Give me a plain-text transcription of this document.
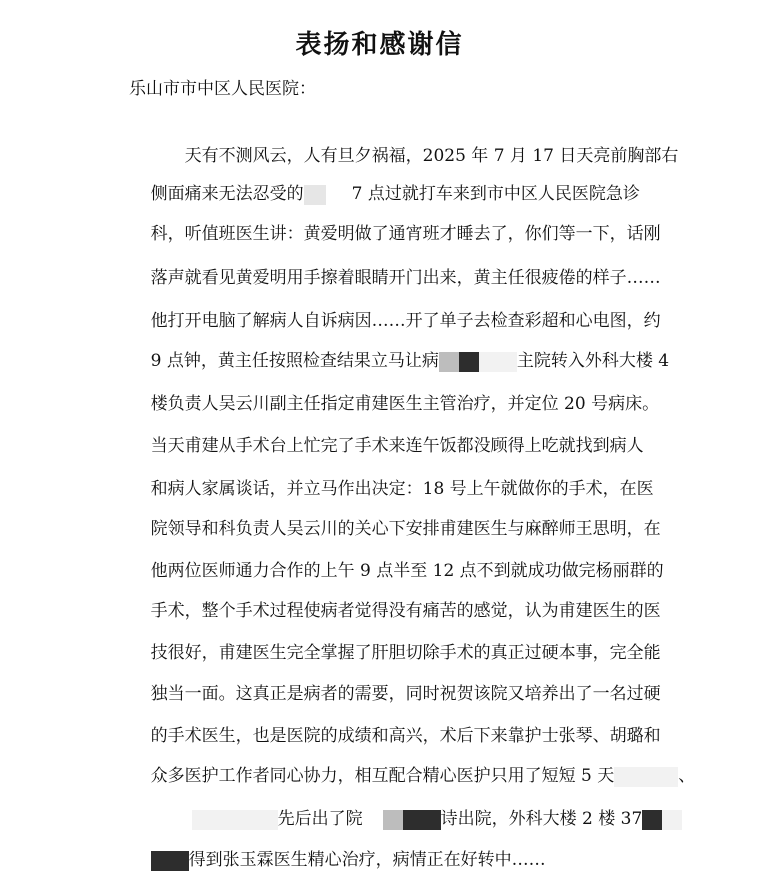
表扬和感谢信
乐山市市中区人民医院：

天有不测风云，人有旦夕祸福，2025 年 7 月 17 日天亮前胸部右

侧面痛来无法忍受的	7 点过就打车来到市中区人民医院急诊

科，听值班医生讲：黄爱明做了通宵班才睡去了，你们等一下，话刚

落声就看见黄爱明用手擦着眼睛开门出来，黄主任很疲倦的样子……

他打开电脑了解病人自诉病因……开了单子去检查彩超和心电图，约

9 点钟，黄主任按照检查结果立马让病	主院转入外科大楼 4

楼负责人吴云川副主任指定甫建医生主管治疗，并定位 20 号病床。

当天甫建从手术台上忙完了手术来连午饭都没顾得上吃就找到病人

和病人家属谈话，并立马作出决定：18 号上午就做你的手术，在医

院领导和科负责人吴云川的关心下安排甫建医生与麻醉师王思明，在

他两位医师通力合作的上午 9 点半至 12 点不到就成功做完杨丽群的

手术，整个手术过程使病者觉得没有痛苦的感觉，认为甫建医生的医

技很好，甫建医生完全掌握了肝胆切除手术的真正过硬本事，完全能

独当一面。这真正是病者的需要，同时祝贺该院又培养出了一名过硬

的手术医生，也是医院的成绩和高兴，术后下来靠护士张琴、胡璐和

众多医护工作者同心协力，相互配合精心医护只用了短短 5 天	、

先后出了院	诗出院，外科大楼 2 楼 37

得到张玉霖医生精心治疗，病情正在好转中……
